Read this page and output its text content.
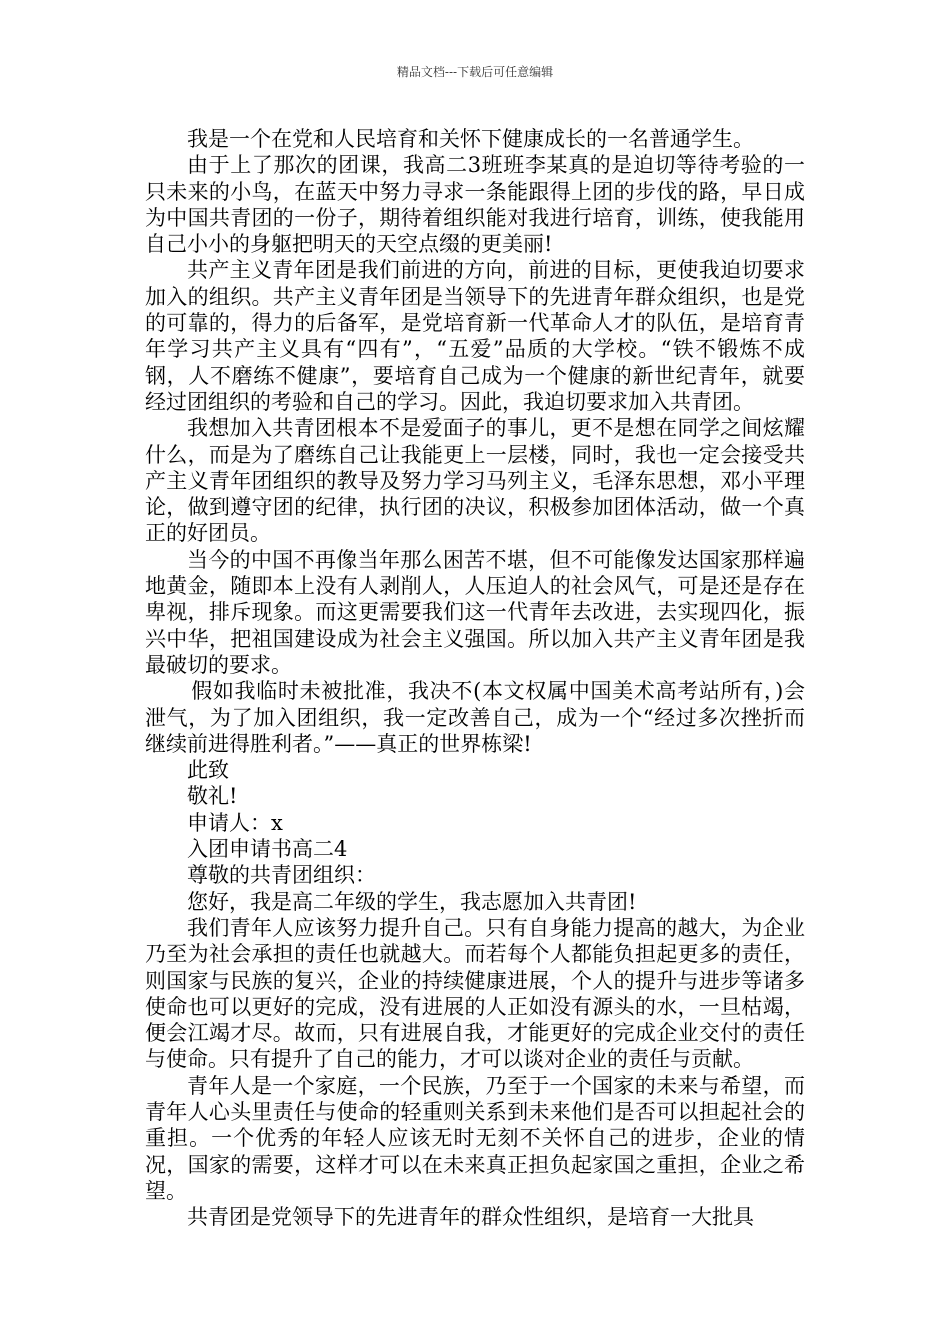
精品文档---下载后可任意编辑

我是一个在党和人民培育和关怀下健康成长的一名普通学生。

由于上了那次的团课，我高二3班班李某真的是迫切等待考验的一只未来的小鸟，在蓝天中努力寻求一条能跟得上团的步伐的路，早日成为中国共青团的一份子，期待着组织能对我进行培育，训练，使我能用自己小小的身躯把明天的天空点缀的更美丽!

共产主义青年团是我们前进的方向，前进的目标，更使我迫切要求加入的组织。共产主义青年团是当领导下的先进青年群众组织，也是党的可靠的，得力的后备军，是党培育新一代革命人才的队伍，是培育青年学习共产主义具有“四有”，“五爱”品质的大学校。“铁不锻炼不成钢，人不磨练不健康”，要培育自己成为一个健康的新世纪青年，就要经过团组织的考验和自己的学习。因此，我迫切要求加入共青团。

我想加入共青团根本不是爱面子的事儿，更不是想在同学之间炫耀什么，而是为了磨练自己让我能更上一层楼，同时，我也一定会接受共产主义青年团组织的教导及努力学习马列主义，毛泽东思想，邓小平理论，做到遵守团的纪律，执行团的决议，积极参加团体活动，做一个真正的好团员。

当今的中国不再像当年那么困苦不堪，但不可能像发达国家那样遍地黄金，随即本上没有人剥削人，人压迫人的社会风气，可是还是存在卑视，排斥现象。而这更需要我们这一代青年去改进，去实现四化，振兴中华，把祖国建设成为社会主义强国。所以加入共产主义青年团是我最破切的要求。

假如我临时未被批准，我决不(本文权属中国美术高考站所有，)会泄气，为了加入团组织，我一定改善自己，成为一个“经过多次挫折而继续前进得胜利者。”——真正的世界栋梁!

此致

敬礼!

申请人：x

入团申请书高二4

尊敬的共青团组织：

您好，我是高二年级的学生，我志愿加入共青团!

我们青年人应该努力提升自己。只有自身能力提高的越大，为企业乃至为社会承担的责任也就越大。而若每个人都能负担起更多的责任，则国家与民族的复兴，企业的持续健康进展，个人的提升与进步等诸多使命也可以更好的完成，没有进展的人正如没有源头的水，一旦枯竭，便会江竭才尽。故而，只有进展自我，才能更好的完成企业交付的责任与使命。只有提升了自己的能力，才可以谈对企业的责任与贡献。

青年人是一个家庭，一个民族，乃至于一个国家的未来与希望，而青年人心头里责任与使命的轻重则关系到未来他们是否可以担起社会的重担。一个优秀的年轻人应该无时无刻不关怀自己的进步，企业的情况，国家的需要，这样才可以在未来真正担负起家国之重担，企业之希望。

共青团是党领导下的先进青年的群众性组织，是培育一大批具
